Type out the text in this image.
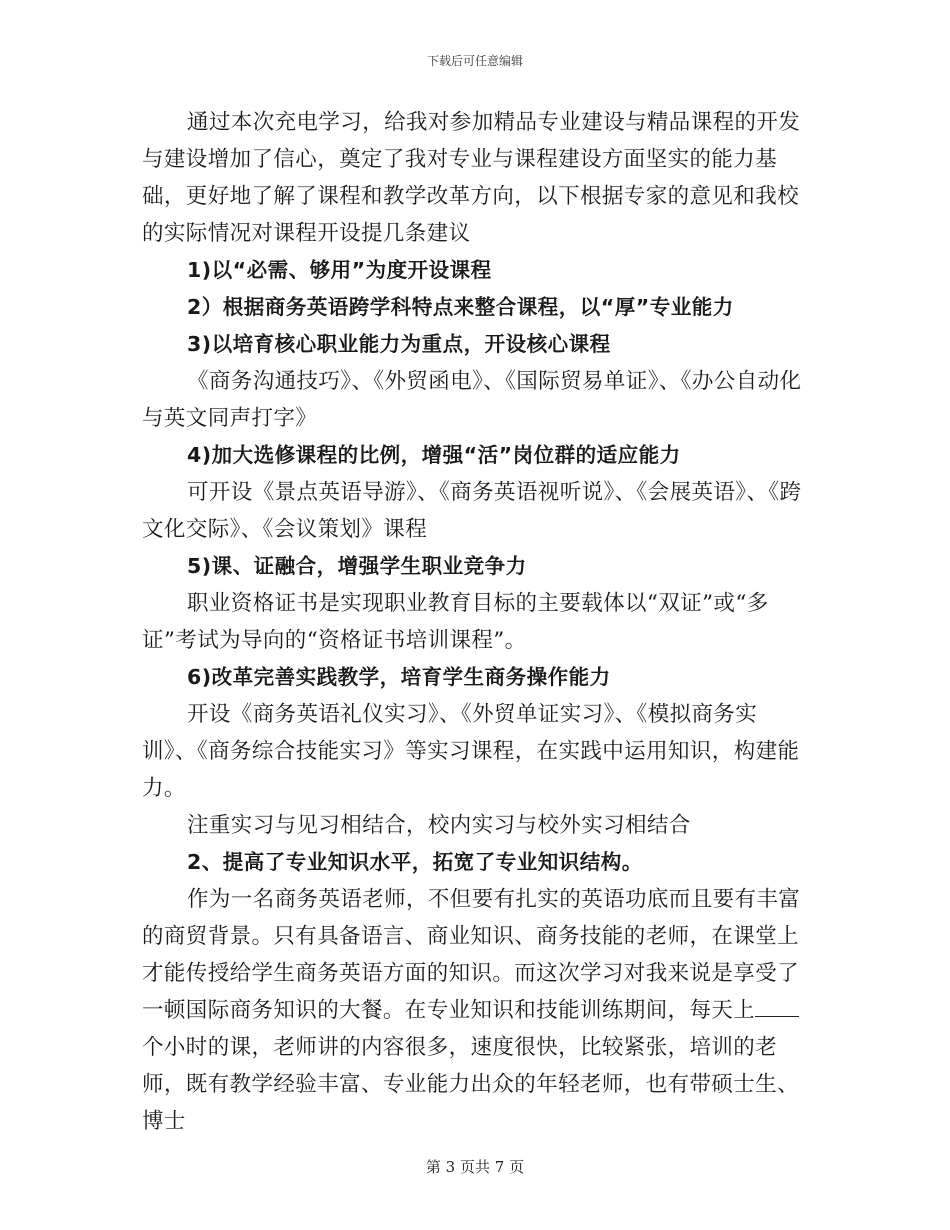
下载后可任意编辑

通过本次充电学习，给我对参加精品专业建设与精品课程的开发与建设增加了信心，奠定了我对专业与课程建设方面坚实的能力基础，更好地了解了课程和教学改革方向，以下根据专家的意见和我校的实际情况对课程开设提几条建议

1)以“必需、够用”为度开设课程

2）根据商务英语跨学科特点来整合课程，以“厚”专业能力

3)以培育核心职业能力为重点，开设核心课程

《商务沟通技巧》、《外贸函电》、《国际贸易单证》、《办公自动化与英文同声打字》

4)加大选修课程的比例，增强“活”岗位群的适应能力

可开设《景点英语导游》、《商务英语视听说》、《会展英语》、《跨文化交际》、《会议策划》课程

5)课、证融合，增强学生职业竞争力

职业资格证书是实现职业教育目标的主要载体以“双证”或“多证”考试为导向的“资格证书培训课程”。

6)改革完善实践教学，培育学生商务操作能力

开设《商务英语礼仪实习》、《外贸单证实习》、《模拟商务实训》、《商务综合技能实习》等实习课程，在实践中运用知识，构建能力。

注重实习与见习相结合，校内实习与校外实习相结合

2、提高了专业知识水平，拓宽了专业知识结构。

作为一名商务英语老师，不但要有扎实的英语功底而且要有丰富的商贸背景。只有具备语言、商业知识、商务技能的老师，在课堂上才能传授给学生商务英语方面的知识。而这次学习对我来说是享受了一顿国际商务知识的大餐。在专业知识和技能训练期间，每天上个小时的课，老师讲的内容很多，速度很快，比较紧张，培训的老师，既有教学经验丰富、专业能力出众的年轻老师，也有带硕士生、博士

第 3 页共 7 页
